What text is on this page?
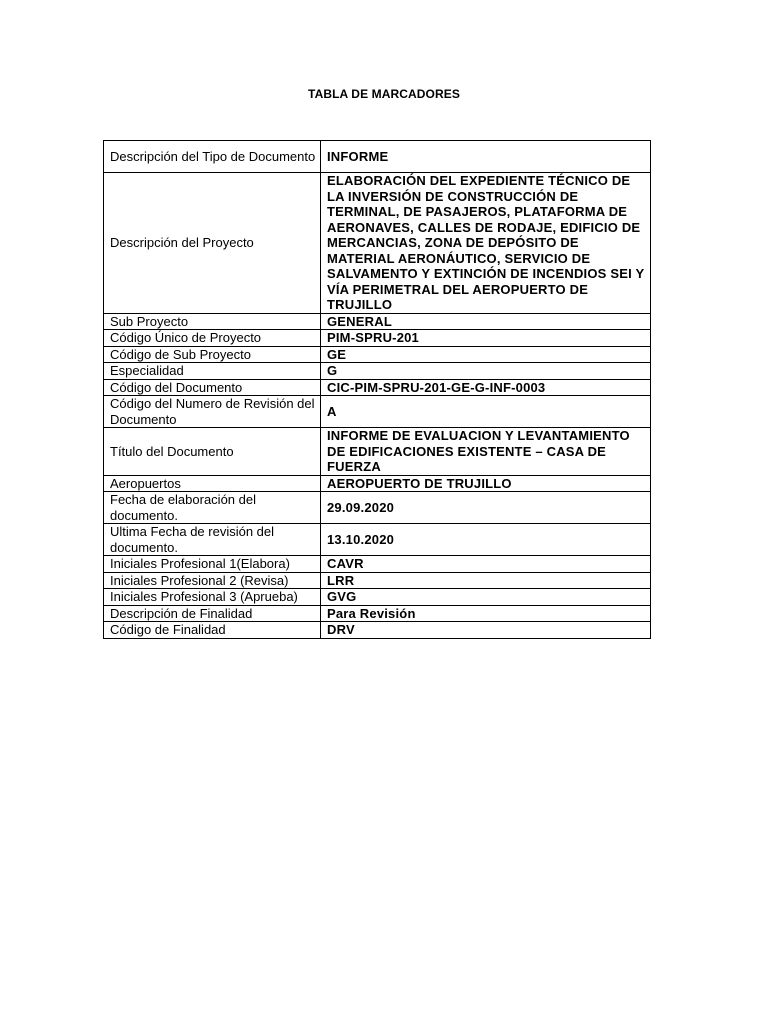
TABLA DE MARCADORES
Descripción del Tipo de Documento	INFORME
Descripción del Proyecto	ELABORACIÓN DEL EXPEDIENTE TÉCNICO DE LA INVERSIÓN DE CONSTRUCCIÓN DE TERMINAL, DE PASAJEROS, PLATAFORMA DE AERONAVES, CALLES DE RODAJE, EDIFICIO DE MERCANCIAS, ZONA DE DEPÓSITO DE MATERIAL AERONÁUTICO, SERVICIO DE SALVAMENTO Y EXTINCIÓN DE INCENDIOS SEI Y VÍA PERIMETRAL DEL AEROPUERTO DE TRUJILLO
Sub Proyecto	GENERAL
Código Único de Proyecto	PIM-SPRU-201
Código de Sub Proyecto	GE
Especialidad	G
Código del Documento	CIC-PIM-SPRU-201-GE-G-INF-0003
Código del Numero de Revisión del Documento	A
Título del Documento	INFORME DE EVALUACION Y LEVANTAMIENTO DE EDIFICACIONES EXISTENTE – CASA DE FUERZA
Aeropuertos	AEROPUERTO DE TRUJILLO
Fecha de elaboración del documento.	29.09.2020
Ultima Fecha de revisión del documento.	13.10.2020
Iniciales Profesional 1(Elabora)	CAVR
Iniciales Profesional 2 (Revisa)	LRR
Iniciales Profesional 3 (Aprueba)	GVG
Descripción de Finalidad	Para Revisión
Código de Finalidad	DRV
